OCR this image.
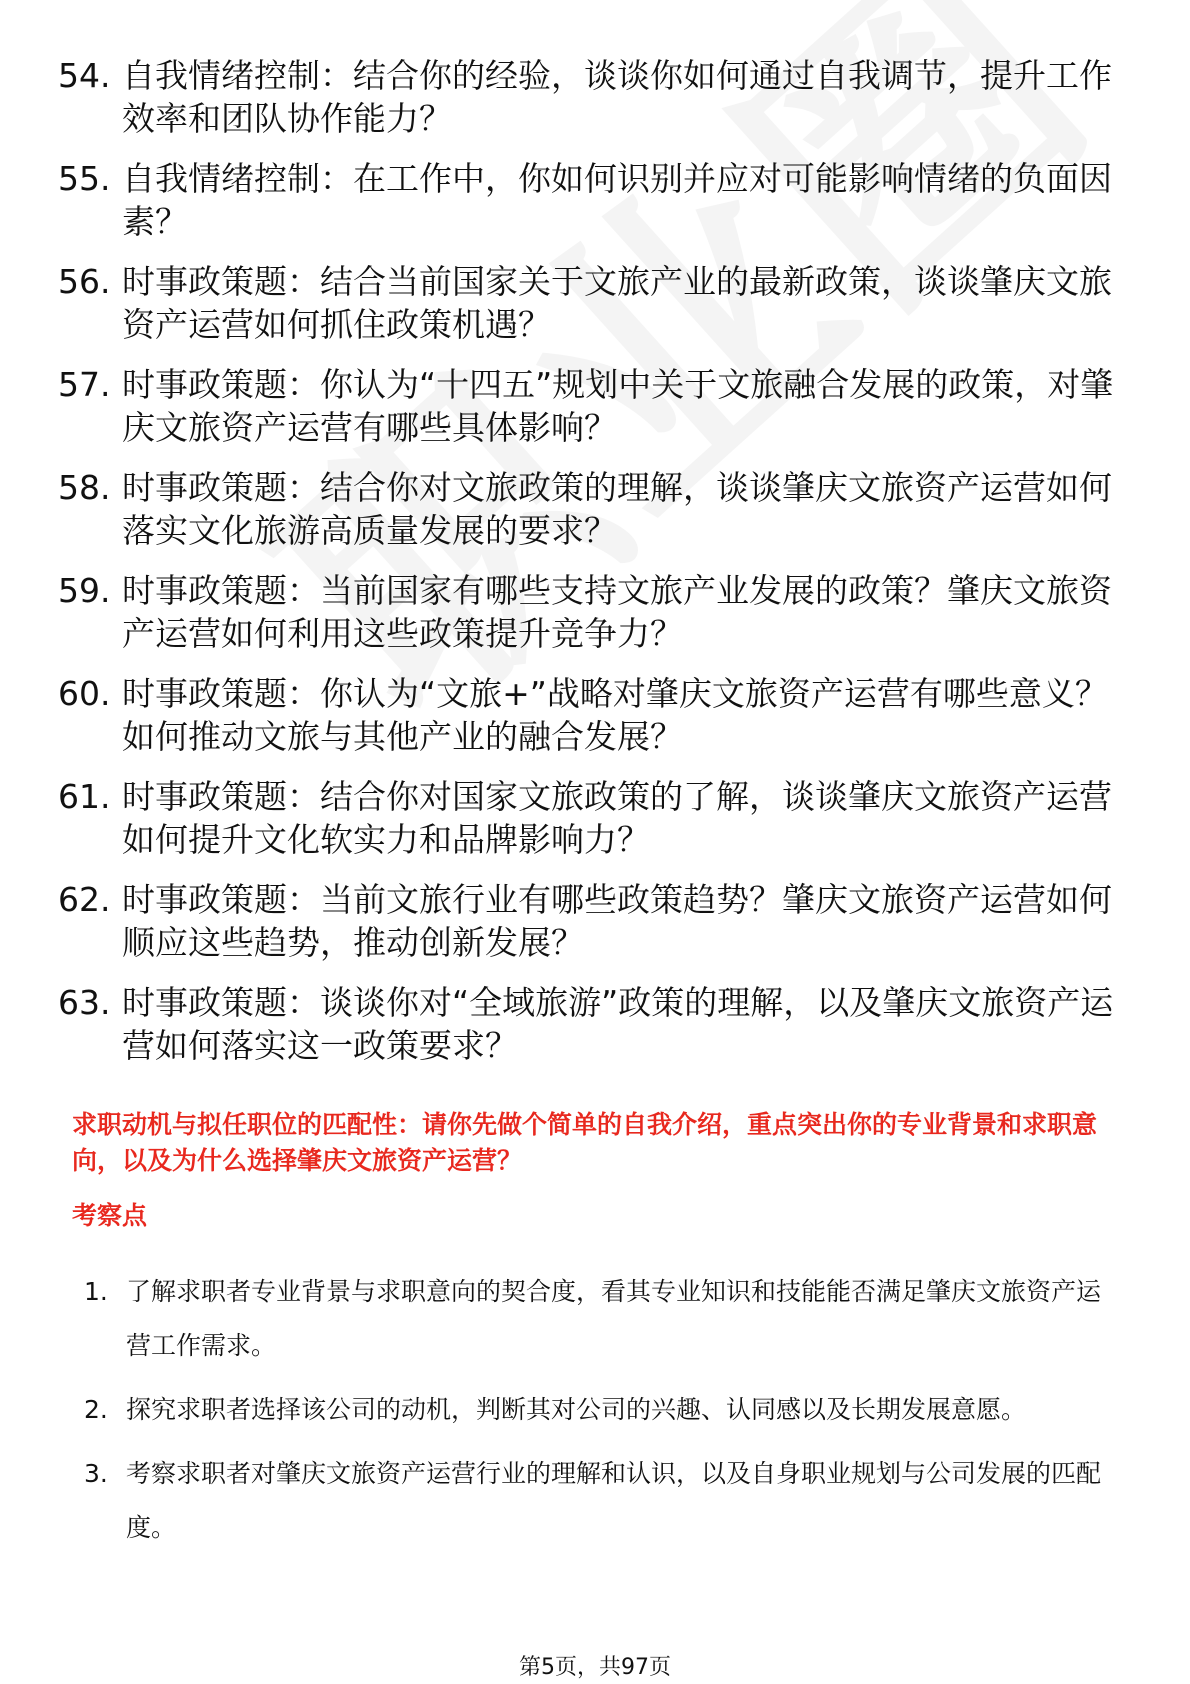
54. 自我情绪控制：结合你的经验，谈谈你如何通过自我调节，提升工作效率和团队协作能力？
55. 自我情绪控制：在工作中，你如何识别并应对可能影响情绪的负面因素？
56. 时事政策题：结合当前国家关于文旅产业的最新政策，谈谈肇庆文旅资产运营如何抓住政策机遇？
57. 时事政策题：你认为“十四五”规划中关于文旅融合发展的政策，对肇庆文旅资产运营有哪些具体影响？
58. 时事政策题：结合你对文旅政策的理解，谈谈肇庆文旅资产运营如何落实文化旅游高质量发展的要求？
59. 时事政策题：当前国家有哪些支持文旅产业发展的政策？肇庆文旅资产运营如何利用这些政策提升竞争力？
60. 时事政策题：你认为“文旅+”战略对肇庆文旅资产运营有哪些意义？如何推动文旅与其他产业的融合发展？
61. 时事政策题：结合你对国家文旅政策的了解，谈谈肇庆文旅资产运营如何提升文化软实力和品牌影响力？
62. 时事政策题：当前文旅行业有哪些政策趋势？肇庆文旅资产运营如何顺应这些趋势，推动创新发展？
63. 时事政策题：谈谈你对“全域旅游”政策的理解，以及肇庆文旅资产运营如何落实这一政策要求？
求职动机与拟任职位的匹配性：请你先做个简单的自我介绍，重点突出你的专业背景和求职意向，以及为什么选择肇庆文旅资产运营？
考察点
1. 了解求职者专业背景与求职意向的契合度，看其专业知识和技能能否满足肇庆文旅资产运营工作需求。
2. 探究求职者选择该公司的动机，判断其对公司的兴趣、认同感以及长期发展意愿。
3. 考察求职者对肇庆文旅资产运营行业的理解和认识，以及自身职业规划与公司发展的匹配度。
第5页，共97页
